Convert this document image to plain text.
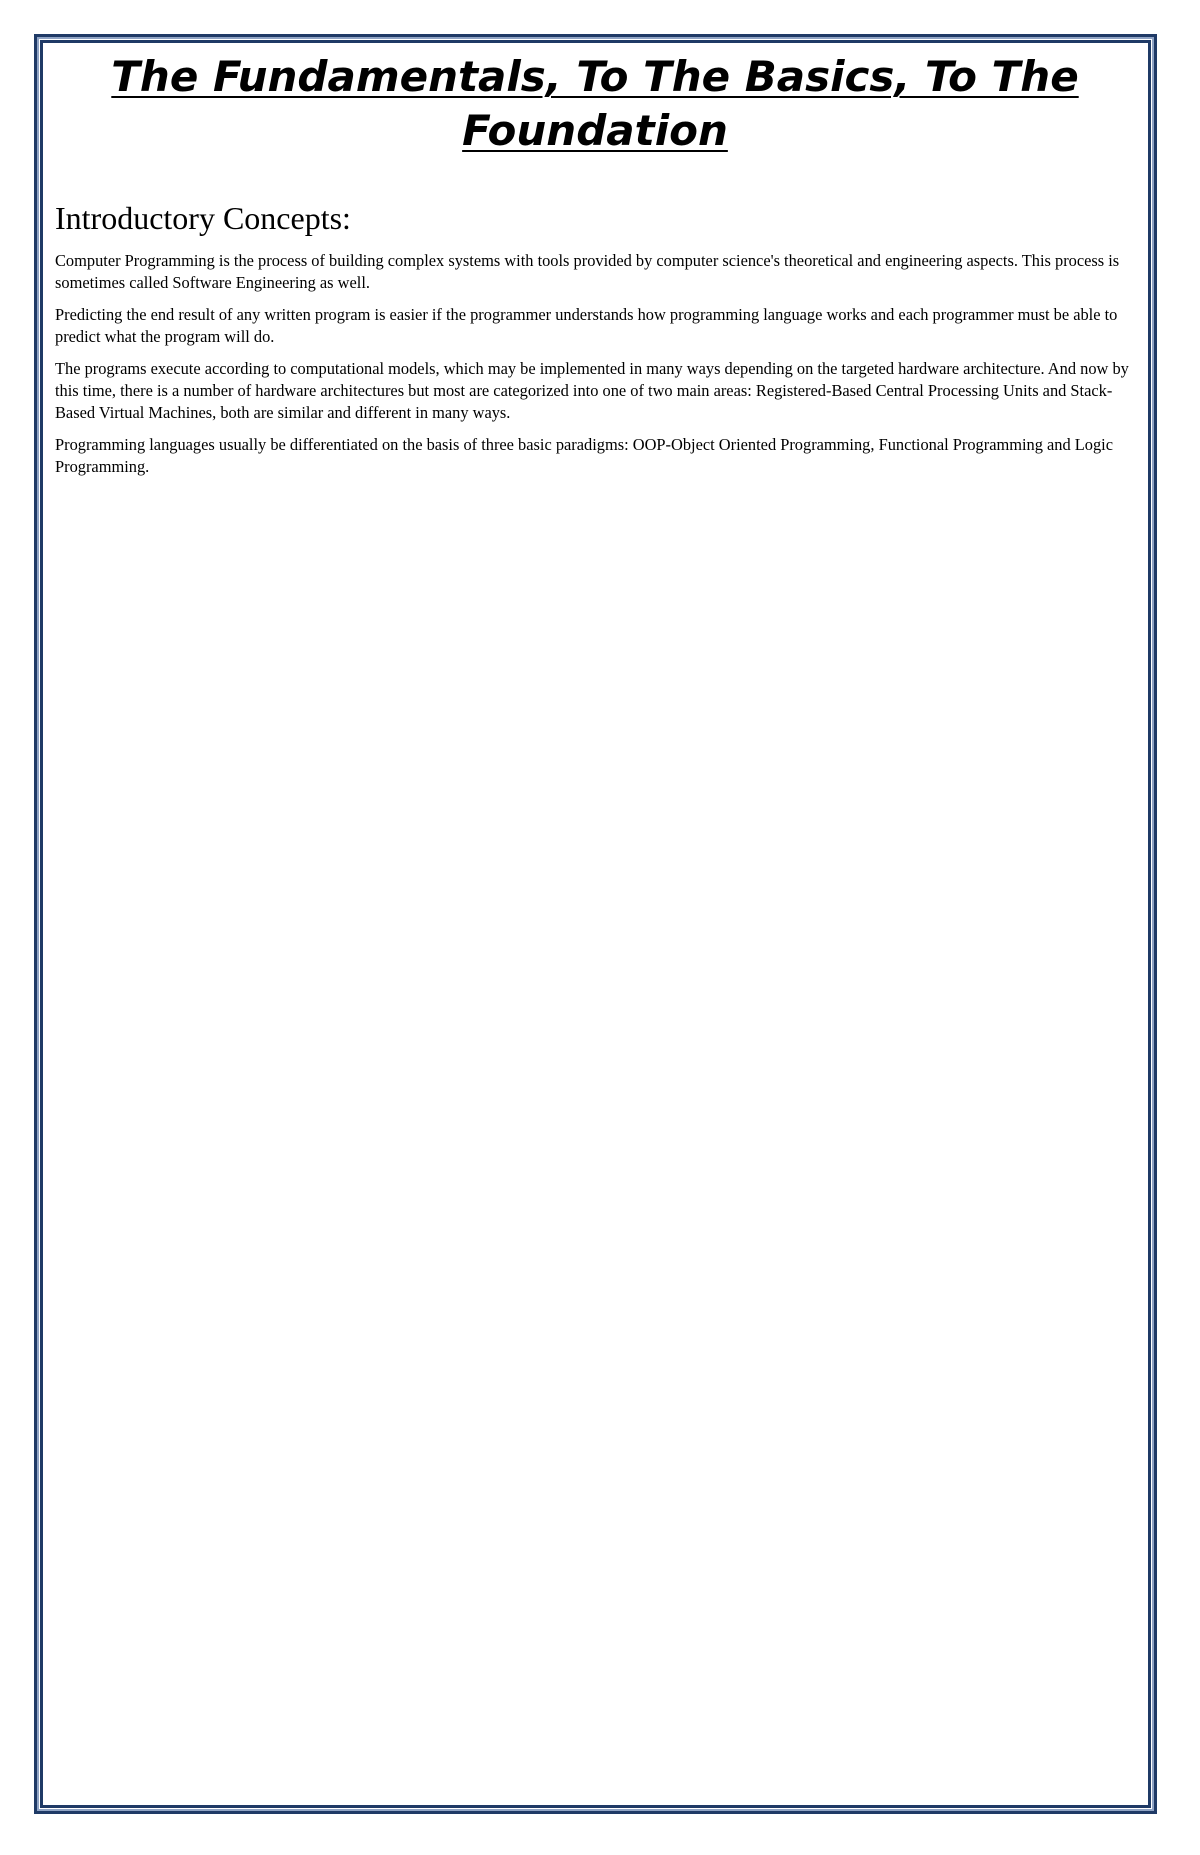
The Fundamentals, To The Basics, To The Foundation
Introductory Concepts:

Computer Programming is the process of building complex systems with tools provided by computer science's theoretical and engineering aspects. This process is sometimes called Software Engineering as well.

Predicting the end result of any written program is easier if the programmer understands how programming language works and each programmer must be able to predict what the program will do.

The programs execute according to computational models, which may be implemented in many ways depending on the targeted hardware architecture. And now by this time, there is a number of hardware architectures but most are categorized into one of two main areas: Registered-Based Central Processing Units and Stack-Based Virtual Machines, both are similar and different in many ways.

Programming languages usually be differentiated on the basis of three basic paradigms: OOP-Object Oriented Programming, Functional Programming and Logic Programming.
